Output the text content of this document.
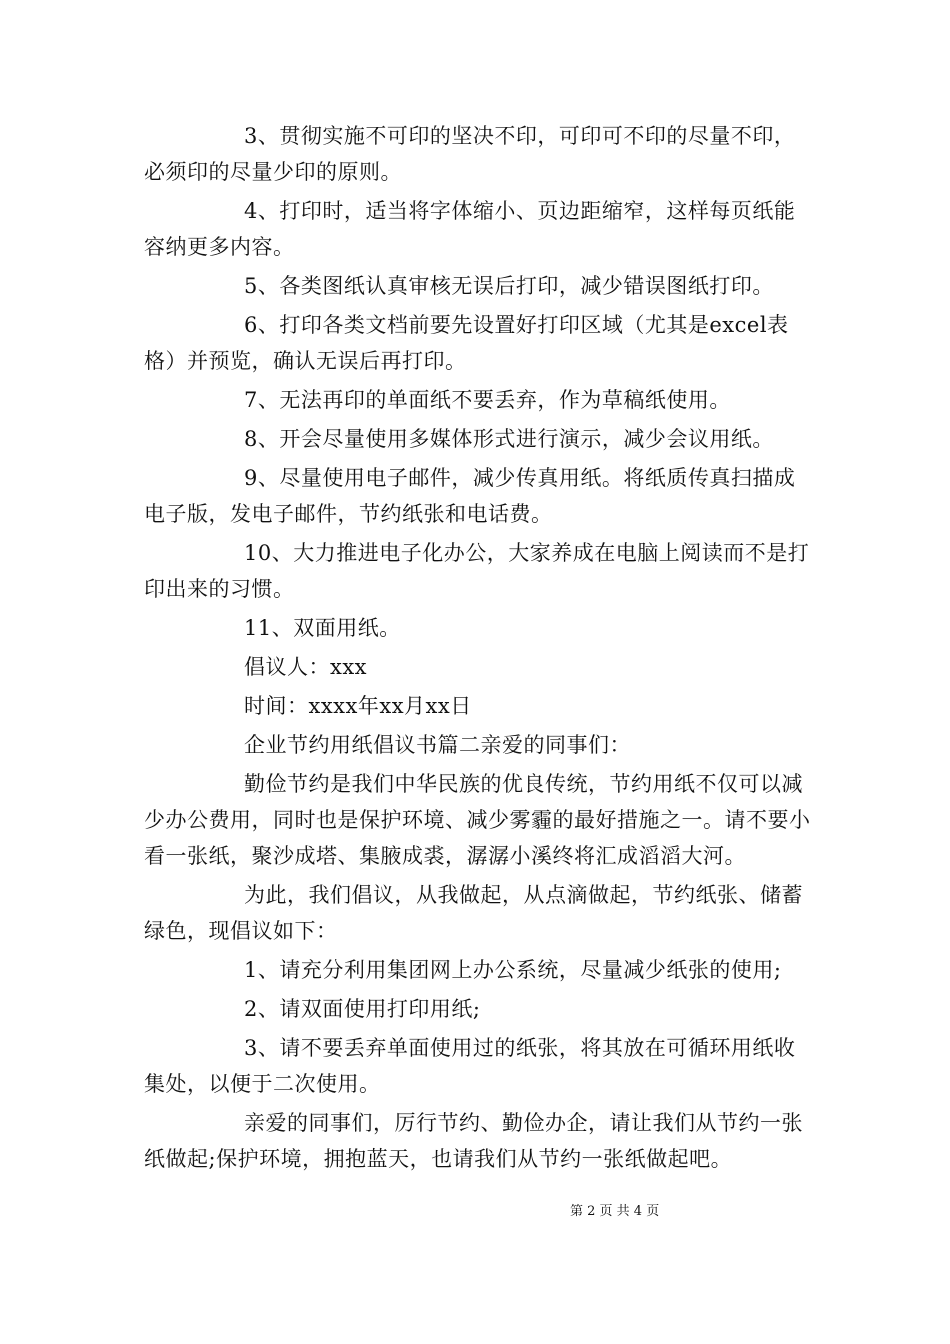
3、贯彻实施不可印的坚决不印，可印可不印的尽量不印，必须印的尽量少印的原则。

4、打印时，适当将字体缩小、页边距缩窄，这样每页纸能容纳更多内容。

5、各类图纸认真审核无误后打印，减少错误图纸打印。

6、打印各类文档前要先设置好打印区域（尤其是excel表格）并预览，确认无误后再打印。

7、无法再印的单面纸不要丢弃，作为草稿纸使用。

8、开会尽量使用多媒体形式进行演示，减少会议用纸。

9、尽量使用电子邮件，减少传真用纸。将纸质传真扫描成电子版，发电子邮件，节约纸张和电话费。

10、大力推进电子化办公，大家养成在电脑上阅读而不是打印出来的习惯。

11、双面用纸。

倡议人：xxx

时间：xxxx年xx月xx日

企业节约用纸倡议书篇二亲爱的同事们：

勤俭节约是我们中华民族的优良传统，节约用纸不仅可以减少办公费用，同时也是保护环境、减少雾霾的最好措施之一。请不要小看一张纸，聚沙成塔、集腋成裘，潺潺小溪终将汇成滔滔大河。

为此，我们倡议，从我做起，从点滴做起，节约纸张、储蓄绿色，现倡议如下：

1、请充分利用集团网上办公系统，尽量减少纸张的使用;

2、请双面使用打印用纸;

3、请不要丢弃单面使用过的纸张，将其放在可循环用纸收集处，以便于二次使用。

亲爱的同事们，厉行节约、勤俭办企，请让我们从节约一张纸做起;保护环境，拥抱蓝天，也请我们从节约一张纸做起吧。

第 2 页 共 4 页
